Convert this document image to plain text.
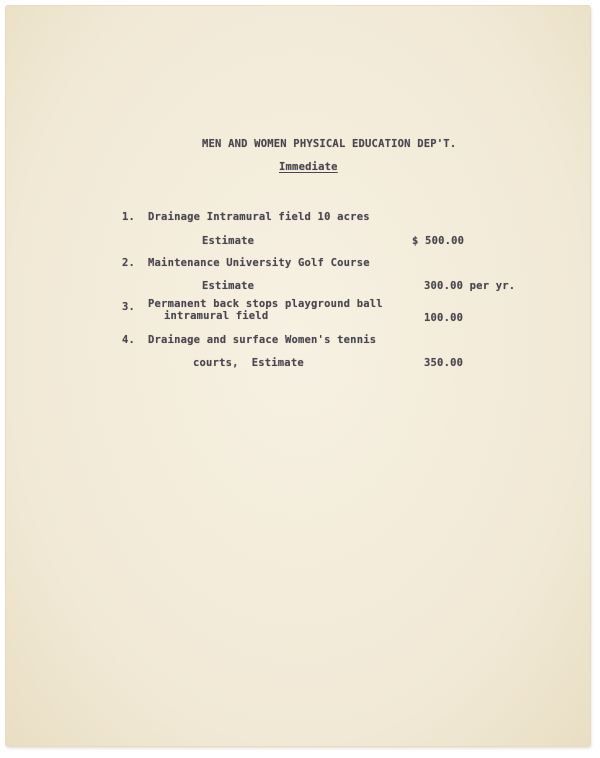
MEN AND WOMEN PHYSICAL EDUCATION DEP'T.
Immediate
1. Drainage Intramural field 10 acres
Estimate	$ 500.00
2. Maintenance University Golf Course
Estimate	300.00 per yr.
3. Permanent back stops playground ball
intramural field	100.00
4. Drainage and surface Women's tennis
courts,  Estimate	350.00
